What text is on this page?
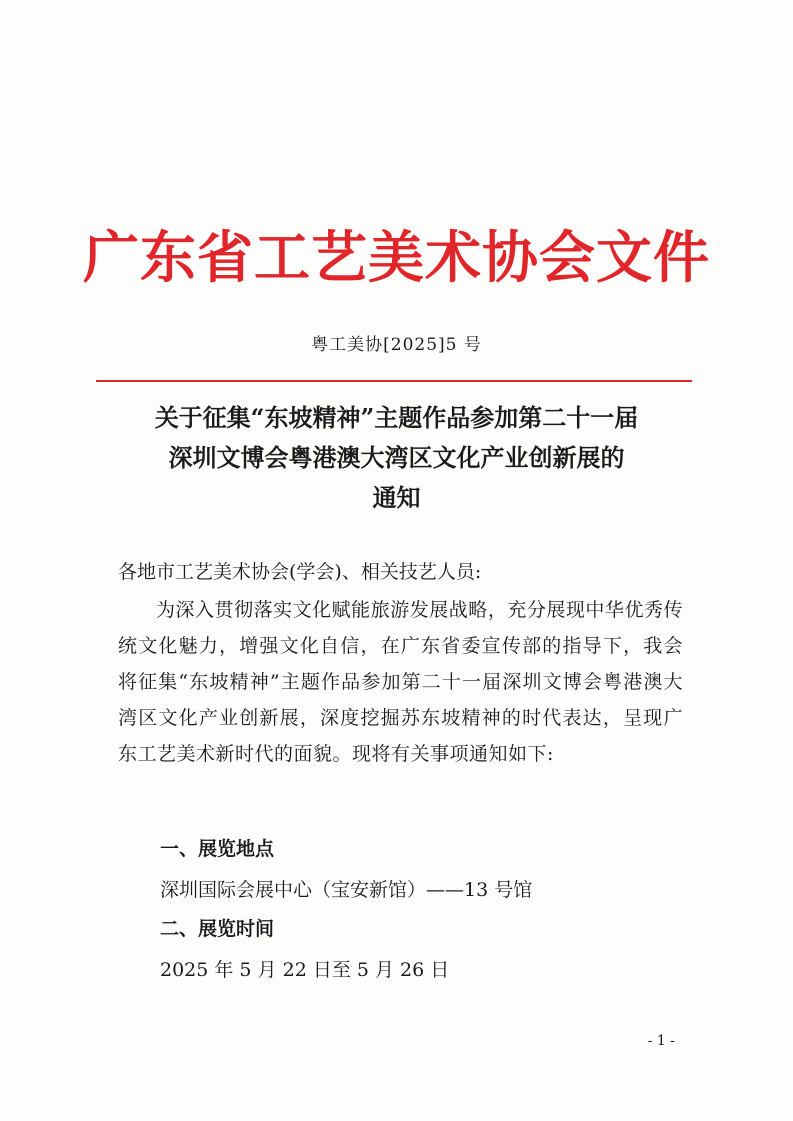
广东省工艺美术协会文件
粤工美协[2025]5 号
关于征集“东坡精神”主题作品参加第二十一届
深圳文博会粤港澳大湾区文化产业创新展的
通知
各地市工艺美术协会(学会)、相关技艺人员:
为深入贯彻落实文化赋能旅游发展战略，充分展现中华优秀传统文化魅力，增强文化自信，在广东省委宣传部的指导下，我会将征集“东坡精神”主题作品参加第二十一届深圳文博会粤港澳大湾区文化产业创新展，深度挖掘苏东坡精神的时代表达，呈现广东工艺美术新时代的面貌。现将有关事项通知如下:
一、展览地点
深圳国际会展中心（宝安新馆）——13 号馆
二、展览时间
2025 年 5 月 22 日至 5 月 26 日
- 1 -
